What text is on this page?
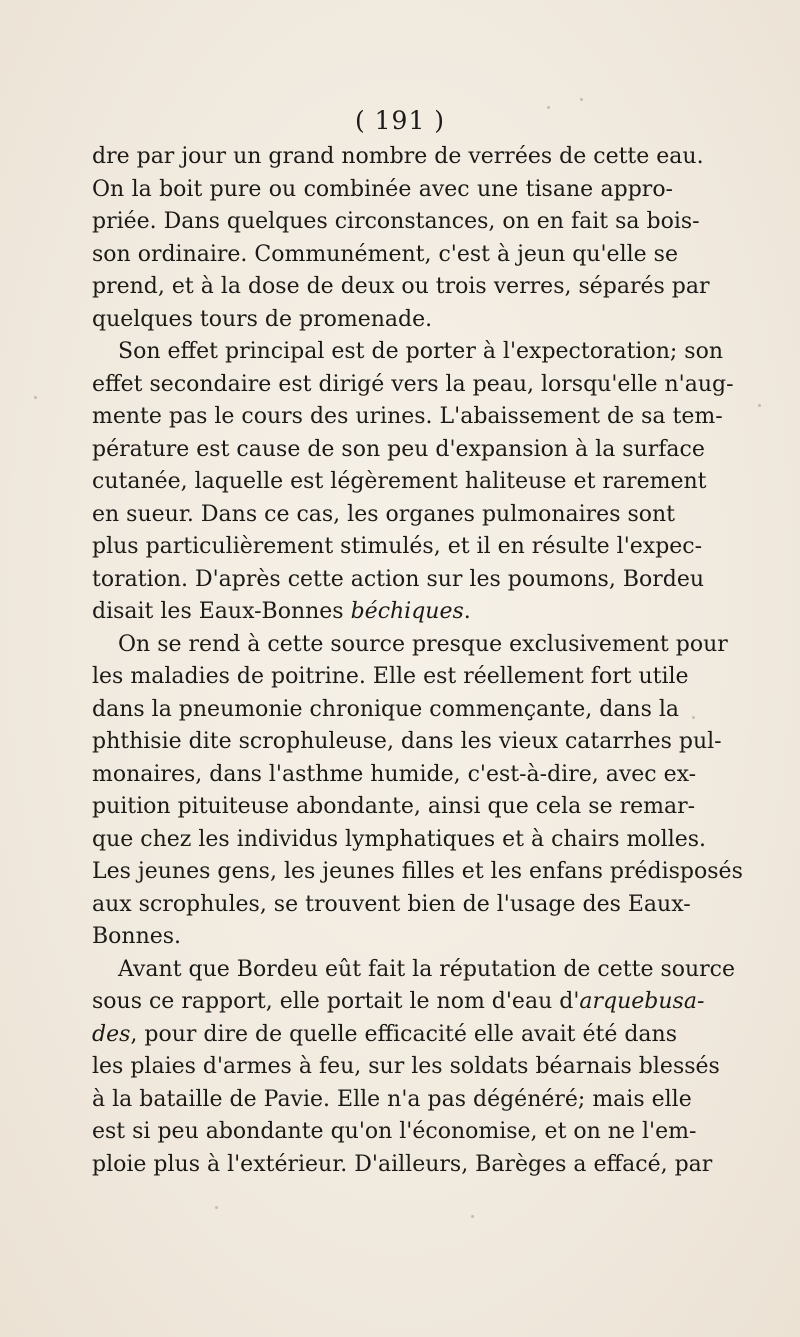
( 191 )
dre par jour un grand nombre de verrées de cette eau.
On la boit pure ou combinée avec une tisane appro-
priée. Dans quelques circonstances, on en fait sa bois-
son ordinaire. Communément, c'est à jeun qu'elle se
prend, et à la dose de deux ou trois verres, séparés par
quelques tours de promenade.
Son effet principal est de porter à l'expectoration; son
effet secondaire est dirigé vers la peau, lorsqu'elle n'aug-
mente pas le cours des urines. L'abaissement de sa tem-
pérature est cause de son peu d'expansion à la surface
cutanée, laquelle est légèrement haliteuse et rarement
en sueur. Dans ce cas, les organes pulmonaires sont
plus particulièrement stimulés, et il en résulte l'expec-
toration. D'après cette action sur les poumons, Bordeu
disait les Eaux-Bonnes béchiques.
On se rend à cette source presque exclusivement pour
les maladies de poitrine. Elle est réellement fort utile
dans la pneumonie chronique commençante, dans la
phthisie dite scrophuleuse, dans les vieux catarrhes pul-
monaires, dans l'asthme humide, c'est-à-dire, avec ex-
puition pituiteuse abondante, ainsi que cela se remar-
que chez les individus lymphatiques et à chairs molles.
Les jeunes gens, les jeunes filles et les enfans prédisposés
aux scrophules, se trouvent bien de l'usage des Eaux-
Bonnes.
Avant que Bordeu eût fait la réputation de cette source
sous ce rapport, elle portait le nom d'eau d'arquebusa-
des, pour dire de quelle efficacité elle avait été dans
les plaies d'armes à feu, sur les soldats béarnais blessés
à la bataille de Pavie. Elle n'a pas dégénéré; mais elle
est si peu abondante qu'on l'économise, et on ne l'em-
ploie plus à l'extérieur. D'ailleurs, Barèges a effacé, par
